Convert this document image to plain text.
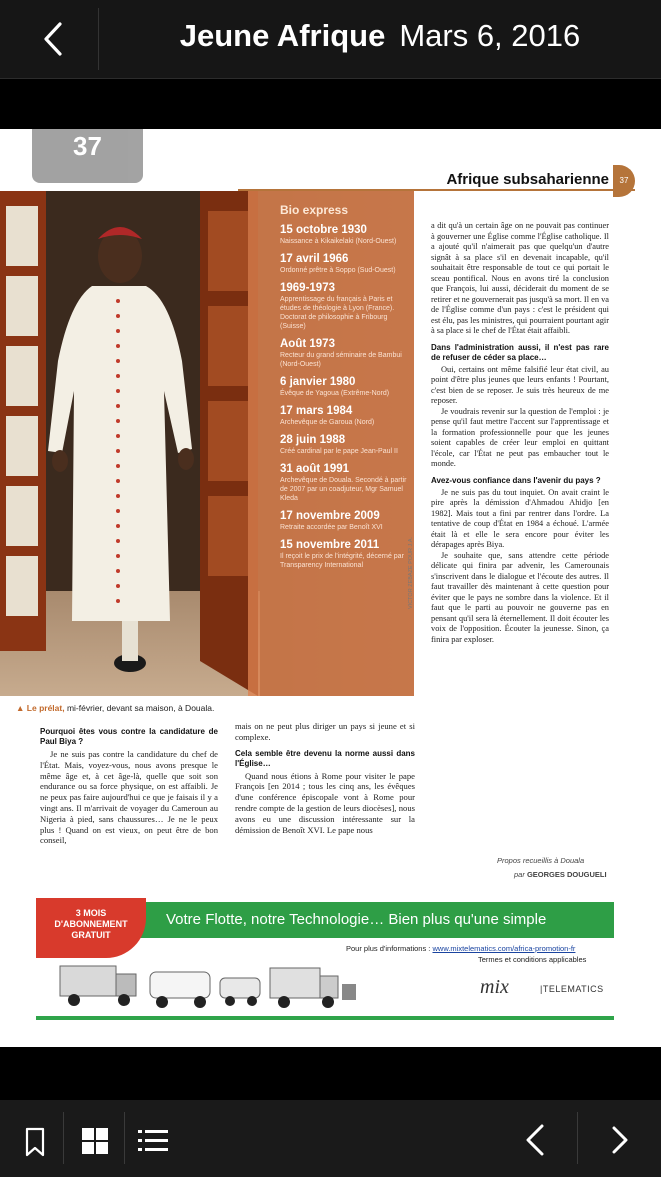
Jeune Afrique Mars 6, 2016
Bio express
15 octobre 1930
Naissance à Kikaikelaki (Nord-Ouest)
17 avril 1966
Ordonné prêtre à Soppo (Sud-Ouest)
1969-1973
Apprentissage du français à Paris et études de théologie à Lyon (France). Doctorat de philosophie à Fribourg (Suisse)
Août 1973
Recteur du grand séminaire de Bambui (Nord-Ouest)
6 janvier 1980
Évêque de Yagoua (Extrême-Nord)
17 mars 1984
Archevêque de Garoua (Nord)
28 juin 1988
Créé cardinal par le pape Jean-Paul II
31 août 1991
Archevêque de Douala. Secondé à partir de 2007 par un coadjuteur, Mgr Samuel Kleda
17 novembre 2009
Retraite accordée par Benoît XVI
15 novembre 2011
Il reçoit le prix de l'intégrité, décerné par Transparency International	VICTOR ZEBAZE POUR J.A.
Afrique subsaharienne	37
▲ Le prélat, mi-février, devant sa maison, à Douala.
Pourquoi êtes vous contre la candidature de Paul Biya ?

Je ne suis pas contre la candidature du chef de l'État. Mais, voyez-vous, nous avons presque le même âge et, à cet âge-là, quelle que soit son endurance ou sa force physique, on est affaibli. Je ne peux pas faire aujourd'hui ce que je faisais il y a vingt ans. Il m'arrivait de voyager du Cameroun au Nigeria à pied, sans chaussures… Je ne le peux plus ! Quand on est vieux, on peut être de bon conseil,

mais on ne peut plus diriger un pays si jeune et si complexe.

Cela semble être devenu la norme aussi dans l'Église…

Quand nous étions à Rome pour visiter le pape François [en 2014 ; tous les cinq ans, les évêques d'une conférence épiscopale vont à Rome pour rendre compte de la gestion de leurs diocèses], nous avons eu une discussion intéressante sur la démission de Benoît XVI. Le pape nous

a dit qu'à un certain âge on ne pouvait pas continuer à gouverner une Église comme l'Église catholique. Il a ajouté qu'il n'aimerait pas que quelqu'un d'autre signât à sa place s'il en devenait incapable, qu'il souhaitait être responsable de tout ce qui portait le sceau pontifical. Nous en avons tiré la conclusion que François, lui aussi, déciderait du moment de se retirer et ne gouvernerait pas jusqu'à sa mort. Il en va de l'Église comme d'un pays : c'est le président qui est élu, pas les ministres, qui pourraient pourtant agir à sa place si le chef de l'État était affaibli.

Dans l'administration aussi, il n'est pas rare de refuser de céder sa place…

Oui, certains ont même falsifié leur état civil, au point d'être plus jeunes que leurs enfants ! Pourtant, c'est bien de se reposer. Je suis très heureux de me reposer.

Je voudrais revenir sur la question de l'emploi : je pense qu'il faut mettre l'accent sur l'apprentissage et la formation professionnelle pour que les jeunes soient capables de créer leur emploi en quittant l'école, car l'État ne peut pas embaucher tout le monde.

Avez-vous confiance dans l'avenir du pays ?

Je ne suis pas du tout inquiet. On avait craint le pire après la démission d'Ahmadou Ahidjo [en 1982]. Mais tout a fini par rentrer dans l'ordre. La tentative de coup d'État en 1984 a échoué. L'armée était là et elle le sera encore pour éviter les dérapages après Biya.

Je souhaite que, sans attendre cette période délicate qui finira par advenir, les Camerounais s'inscrivent dans le dialogue et l'écoute des autres. Il faut travailler dès maintenant à cette question pour éviter que le pays ne sombre dans la violence. Et il faut que le parti au pouvoir ne gouverne pas en pensant qu'il sera là éternellement. Il doit écouter les voix de l'opposition. Écouter la jeunesse. Sinon, ça finira par exploser.

Propos recueillis à Douala
par GEORGES DOUGUELI
Votre Flotte, notre Technologie… Bien plus qu'une simple Géolocalisation.
3 MOIS
D'ABONNEMENT
GRATUIT
Pour plus d'informations : www.mixtelematics.com/africa-promotion-fr
Termes et conditions applicables
mix	|TELEMATICS
37
